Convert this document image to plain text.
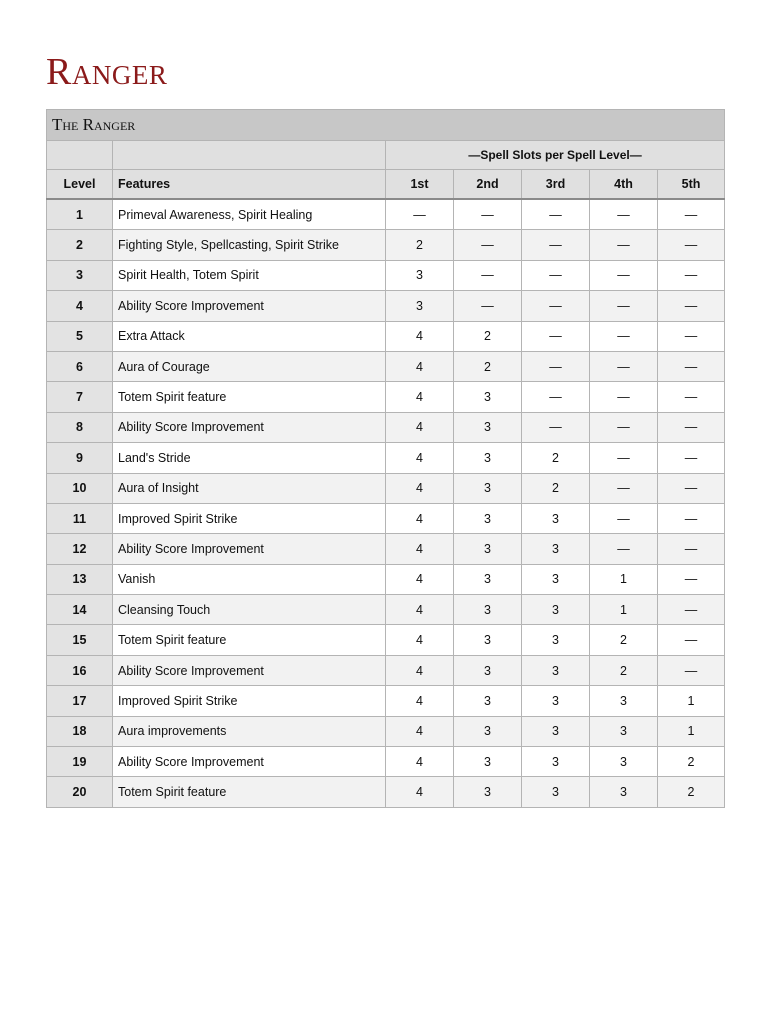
Ranger
The Ranger						
		—Spell Slots per Spell Level—				
Level	Features	1st	2nd	3rd	4th	5th
1	Primeval Awareness, Spirit Healing	—	—	—	—	—
2	Fighting Style, Spellcasting, Spirit Strike	2	—	—	—	—
3	Spirit Health, Totem Spirit	3	—	—	—	—
4	Ability Score Improvement	3	—	—	—	—
5	Extra Attack	4	2	—	—	—
6	Aura of Courage	4	2	—	—	—
7	Totem Spirit feature	4	3	—	—	—
8	Ability Score Improvement	4	3	—	—	—
9	Land's Stride	4	3	2	—	—
10	Aura of Insight	4	3	2	—	—
11	Improved Spirit Strike	4	3	3	—	—
12	Ability Score Improvement	4	3	3	—	—
13	Vanish	4	3	3	1	—
14	Cleansing Touch	4	3	3	1	—
15	Totem Spirit feature	4	3	3	2	—
16	Ability Score Improvement	4	3	3	2	—
17	Improved Spirit Strike	4	3	3	3	1
18	Aura improvements	4	3	3	3	1
19	Ability Score Improvement	4	3	3	3	2
20	Totem Spirit feature	4	3	3	3	2
